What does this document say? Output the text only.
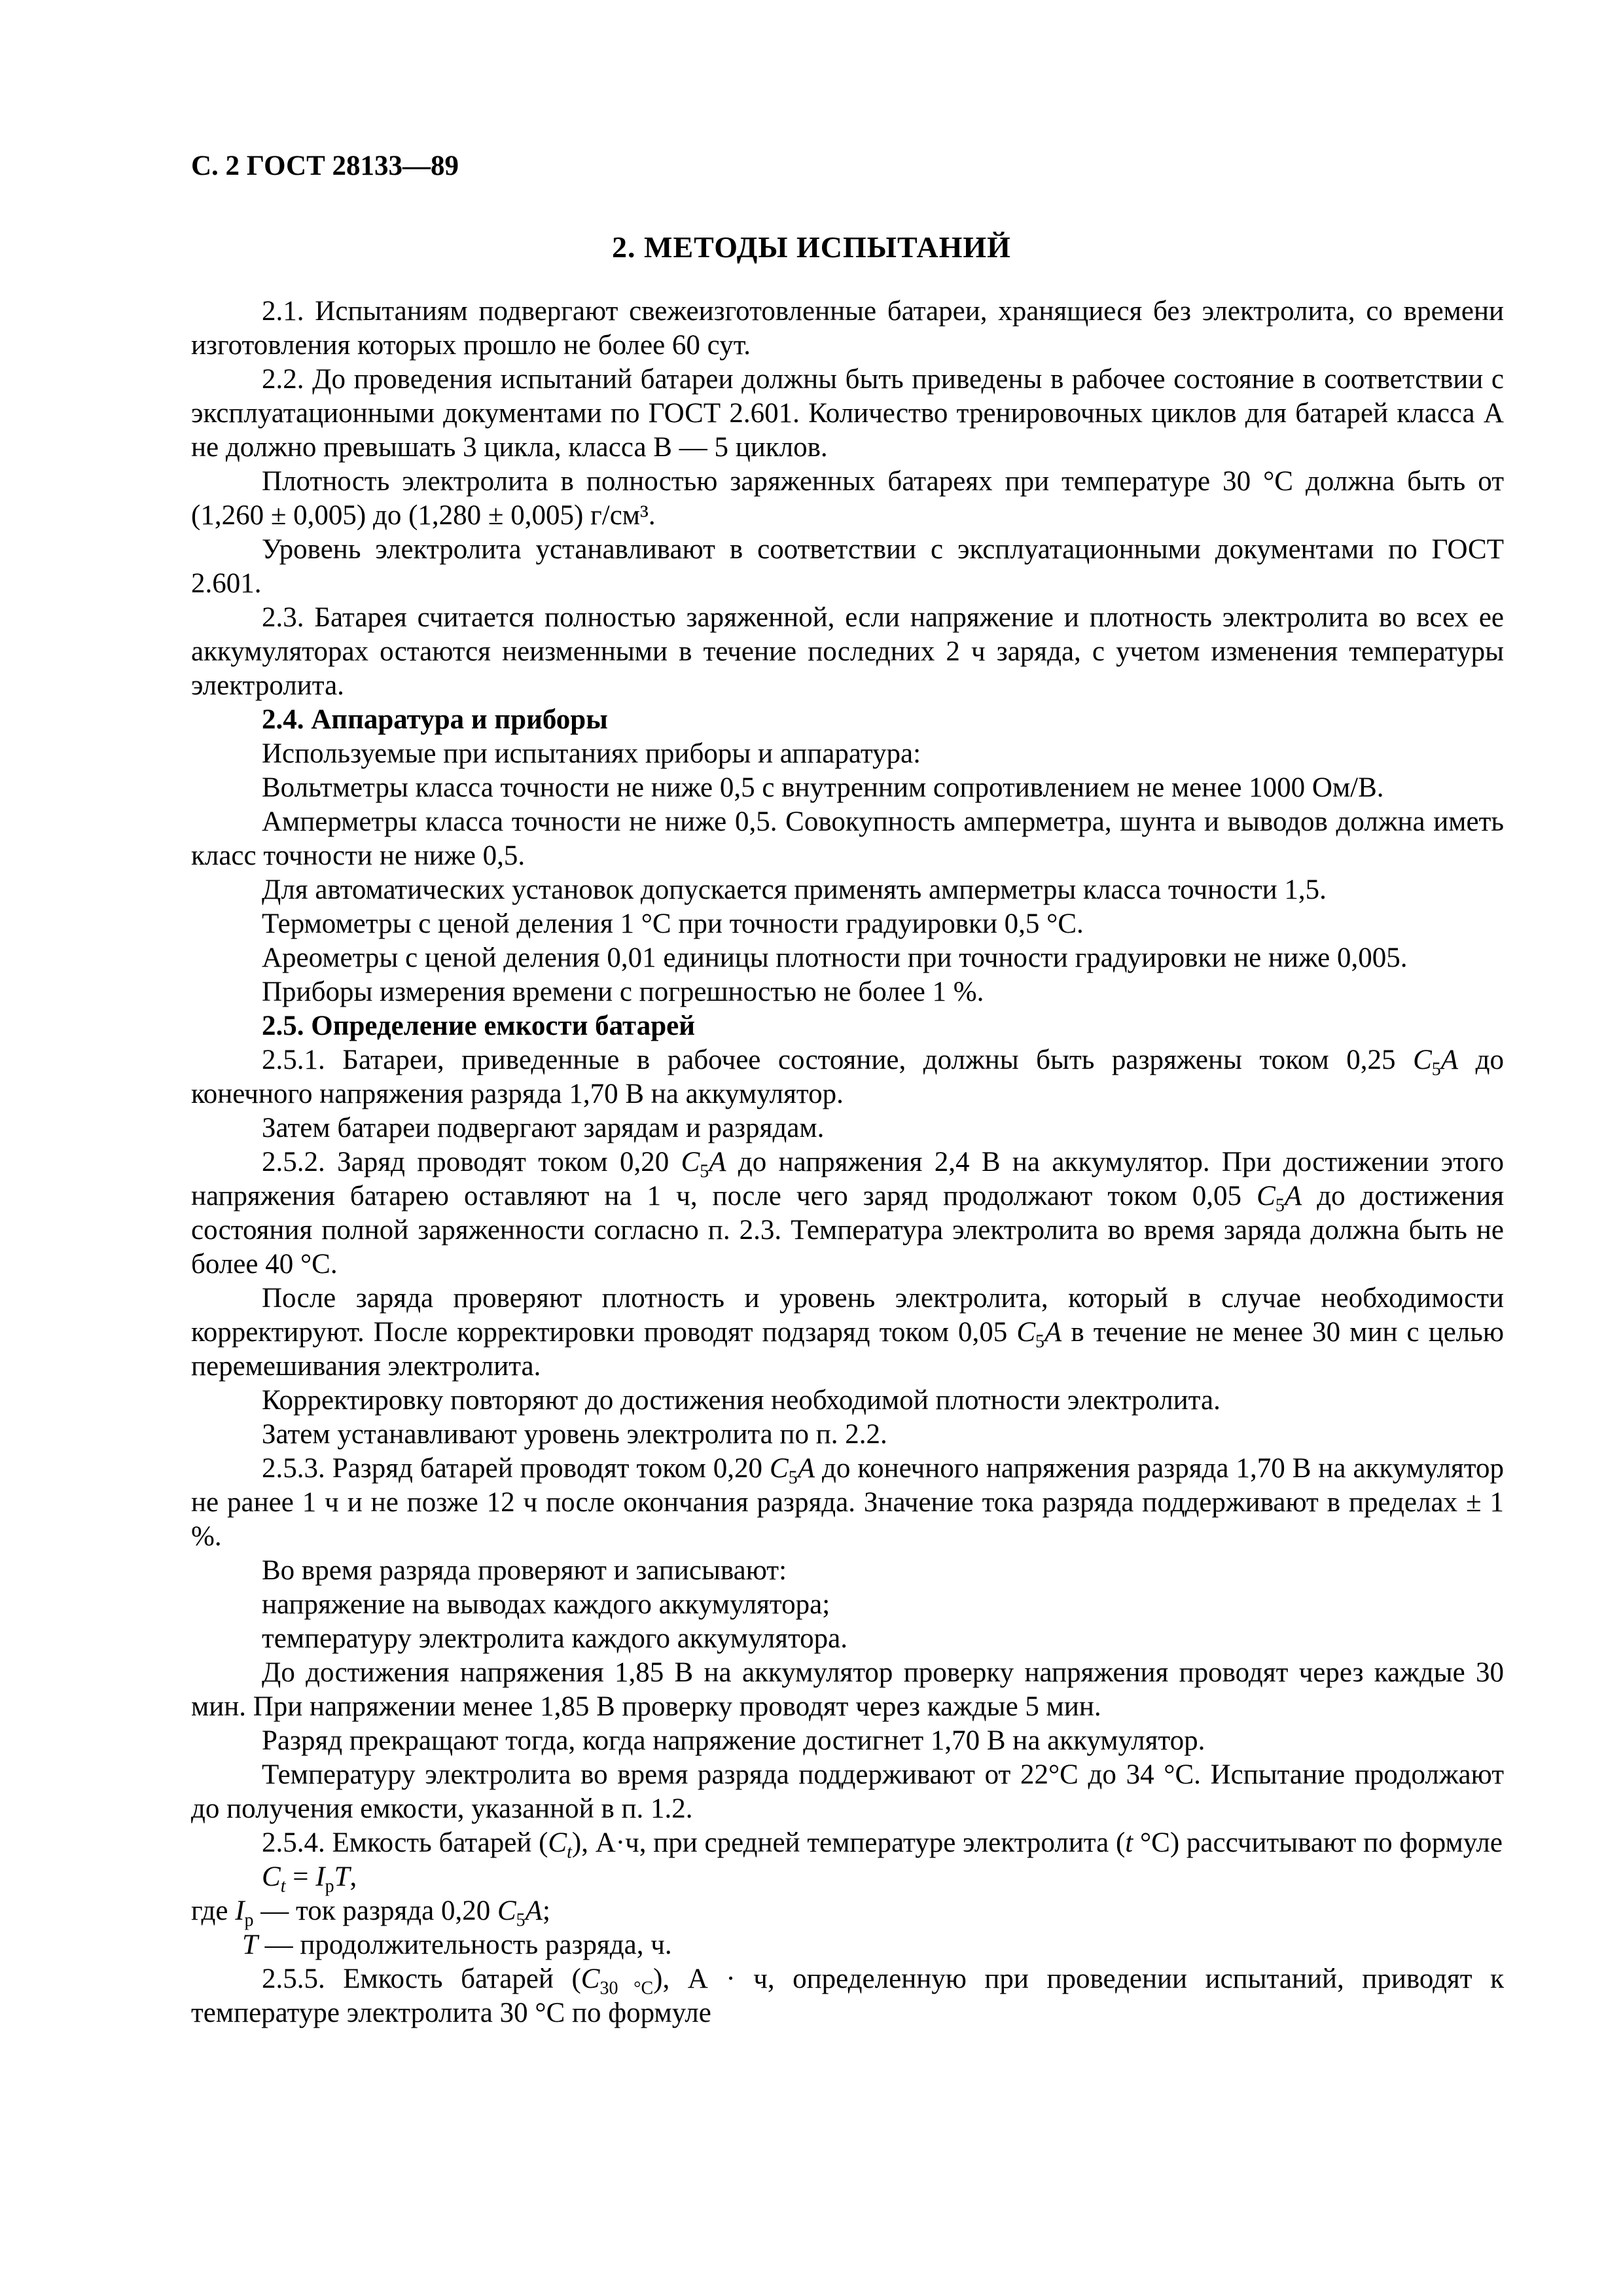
С. 2 ГОСТ 28133—89
2. МЕТОДЫ ИСПЫТАНИЙ

2.1. Испытаниям подвергают свежеизготовленные батареи, хранящиеся без электролита, со времени изготовления которых прошло не более 60 сут.

2.2. До проведения испытаний батареи должны быть приведены в рабочее состояние в соответствии с эксплуатационными документами по ГОСТ 2.601. Количество тренировочных циклов для батарей класса А не должно превышать 3 цикла, класса В — 5 циклов.

Плотность электролита в полностью заряженных батареях при температуре 30 °С должна быть от (1,260 ± 0,005) до (1,280 ± 0,005) г/см³.

Уровень электролита устанавливают в соответствии с эксплуатационными документами по ГОСТ 2.601.

2.3. Батарея считается полностью заряженной, если напряжение и плотность электролита во всех ее аккумуляторах остаются неизменными в течение последних 2 ч заряда, с учетом изменения температуры электролита.

2.4. Аппаратура и приборы

Используемые при испытаниях приборы и аппаратура:

Вольтметры класса точности не ниже 0,5 с внутренним сопротивлением не менее 1000 Ом/В.

Амперметры класса точности не ниже 0,5. Совокупность амперметра, шунта и выводов должна иметь класс точности не ниже 0,5.

Для автоматических установок допускается применять амперметры класса точности 1,5.

Термометры с ценой деления 1 °С при точности градуировки 0,5 °С.

Ареометры с ценой деления 0,01 единицы плотности при точности градуировки не ниже 0,005.

Приборы измерения времени с погрешностью не более 1 %.

2.5. Определение емкости батарей

2.5.1. Батареи, приведенные в рабочее состояние, должны быть разряжены током 0,25 $C_5A$ до конечного напряжения разряда 1,70 В на аккумулятор.

Затем батареи подвергают зарядам и разрядам.

2.5.2. Заряд проводят током 0,20 $C_5A$ до напряжения 2,4 В на аккумулятор. При достижении этого напряжения батарею оставляют на 1 ч, после чего заряд продолжают током 0,05 $C_5A$ до достижения состояния полной заряженности согласно п. 2.3. Температура электролита во время заряда должна быть не более 40 °С.

После заряда проверяют плотность и уровень электролита, который в случае необходимости корректируют. После корректировки проводят подзаряд током 0,05 $C_5A$ в течение не менее 30 мин с целью перемешивания электролита.

Корректировку повторяют до достижения необходимой плотности электролита.

Затем устанавливают уровень электролита по п. 2.2.

2.5.3. Разряд батарей проводят током 0,20 $C_5A$ до конечного напряжения разряда 1,70 В на аккумулятор не ранее 1 ч и не позже 12 ч после окончания разряда. Значение тока разряда поддерживают в пределах ± 1 %.

Во время разряда проверяют и записывают:

напряжение на выводах каждого аккумулятора;

температуру электролита каждого аккумулятора.

До достижения напряжения 1,85 В на аккумулятор проверку напряжения проводят через каждые 30 мин. При напряжении менее 1,85 В проверку проводят через каждые 5 мин.

Разряд прекращают тогда, когда напряжение достигнет 1,70 В на аккумулятор.

Температуру электролита во время разряда поддерживают от 22°С до 34 °С. Испытание продолжают до получения емкости, указанной в п. 1.2.

2.5.4. Емкость батарей $(C_t)$, А·ч, при средней температуре электролита (t °С) рассчитывают по формуле

$C_t = I_рT$,

где $I_р$ — ток разряда 0,20 $C_5A$;

T — продолжительность разряда, ч.

2.5.5. Емкость батарей $(C_{30 ^\circ С})$, А · ч, определенную при проведении испытаний, приводят к температуре электролита 30 °С по формуле
